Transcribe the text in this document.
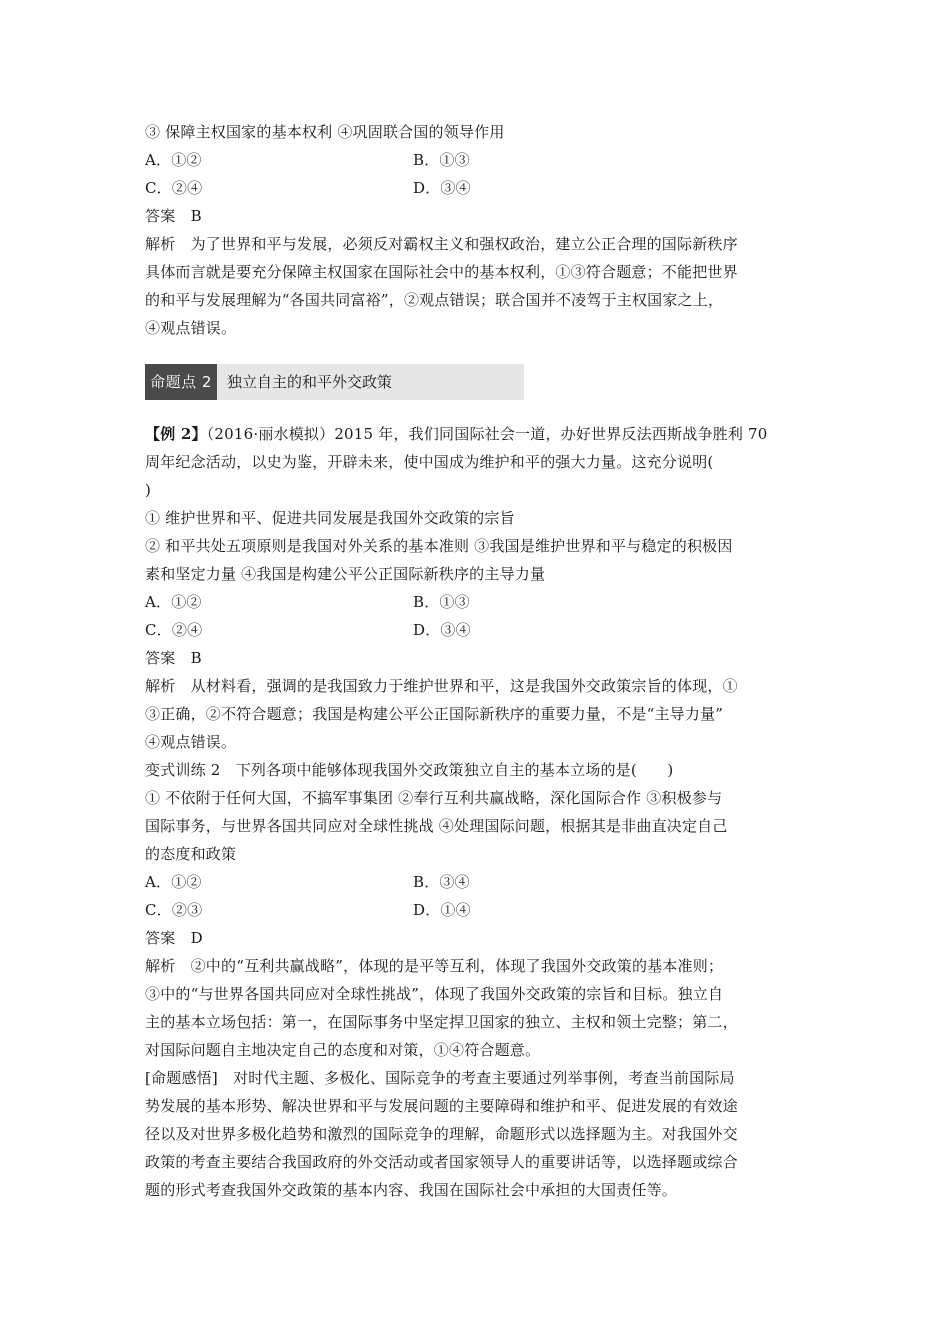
③ 保障主权国家的基本权利 ④巩固联合国的领导作用
A．①②	B．①③
C．②④	D．③④
答案　B
解析　为了世界和平与发展，必须反对霸权主义和强权政治，建立公正合理的国际新秩序
具体而言就是要充分保障主权国家在国际社会中的基本权利，①③符合题意；不能把世界
的和平与发展理解为“各国共同富裕”，②观点错误；联合国并不凌驾于主权国家之上，
④观点错误。
命题点 2	独立自主的和平外交政策
【例 2】（2016·丽水模拟）2015 年，我们同国际社会一道，办好世界反法西斯战争胜利 70
周年纪念活动，以史为鉴，开辟未来，使中国成为维护和平的强大力量。这充分说明(
)
① 维护世界和平、促进共同发展是我国外交政策的宗旨
② 和平共处五项原则是我国对外关系的基本准则 ③我国是维护世界和平与稳定的积极因
素和坚定力量 ④我国是构建公平公正国际新秩序的主导力量
A．①②	B．①③
C．②④	D．③④
答案　B
解析　从材料看，强调的是我国致力于维护世界和平，这是我国外交政策宗旨的体现，①
③正确，②不符合题意；我国是构建公平公正国际新秩序的重要力量，不是“主导力量”
④观点错误。
变式训练 2　下列各项中能够体现我国外交政策独立自主的基本立场的是(　　)
① 不依附于任何大国，不搞军事集团 ②奉行互利共赢战略，深化国际合作 ③积极参与
国际事务，与世界各国共同应对全球性挑战 ④处理国际问题，根据其是非曲直决定自己
的态度和政策
A．①②	B．③④
C．②③	D．①④
答案　D
解析　②中的“互利共赢战略”，体现的是平等互利，体现了我国外交政策的基本准则；
③中的“与世界各国共同应对全球性挑战”，体现了我国外交政策的宗旨和目标。独立自
主的基本立场包括：第一，在国际事务中坚定捍卫国家的独立、主权和领土完整；第二，
对国际问题自主地决定自己的态度和对策，①④符合题意。
[命题感悟]　对时代主题、多极化、国际竞争的考查主要通过列举事例，考查当前国际局
势发展的基本形势、解决世界和平与发展问题的主要障碍和维护和平、促进发展的有效途
径以及对世界多极化趋势和激烈的国际竞争的理解，命题形式以选择题为主。对我国外交
政策的考查主要结合我国政府的外交活动或者国家领导人的重要讲话等，以选择题或综合
题的形式考查我国外交政策的基本内容、我国在国际社会中承担的大国责任等。
